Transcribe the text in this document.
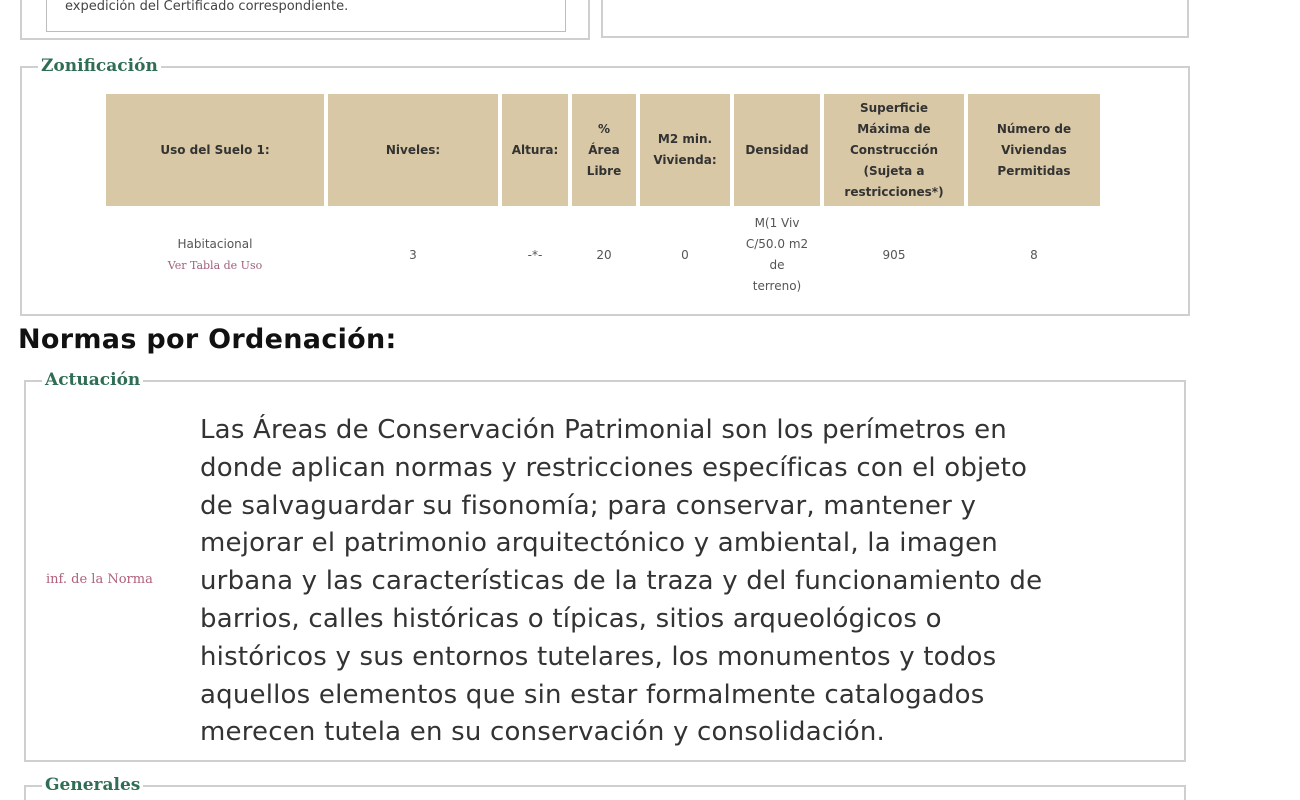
expedición del Certificado correspondiente.
Zonificación
Uso del Suelo 1:	Niveles:	Altura:	%
Área
Libre	M2 min.
Vivienda:	Densidad	Superficie
Máxima de
Construcción
(Sujeta a
restricciones*)	Número de
Viviendas
Permitidas
Habitacional
Ver Tabla de Uso	3	-*-	20	0	M(1 Viv
C/50.0 m2
de
terreno)	905	8
Normas por Ordenación:
Actuación
inf. de la Norma
Las Áreas de Conservación Patrimonial son los perímetros en
donde aplican normas y restricciones específicas con el objeto
de salvaguardar su fisonomía; para conservar, mantener y
mejorar el patrimonio arquitectónico y ambiental, la imagen
urbana y las características de la traza y del funcionamiento de
barrios, calles históricas o típicas, sitios arqueológicos o
históricos y sus entornos tutelares, los monumentos y todos
aquellos elementos que sin estar formalmente catalogados
merecen tutela en su conservación y consolidación.
Generales
